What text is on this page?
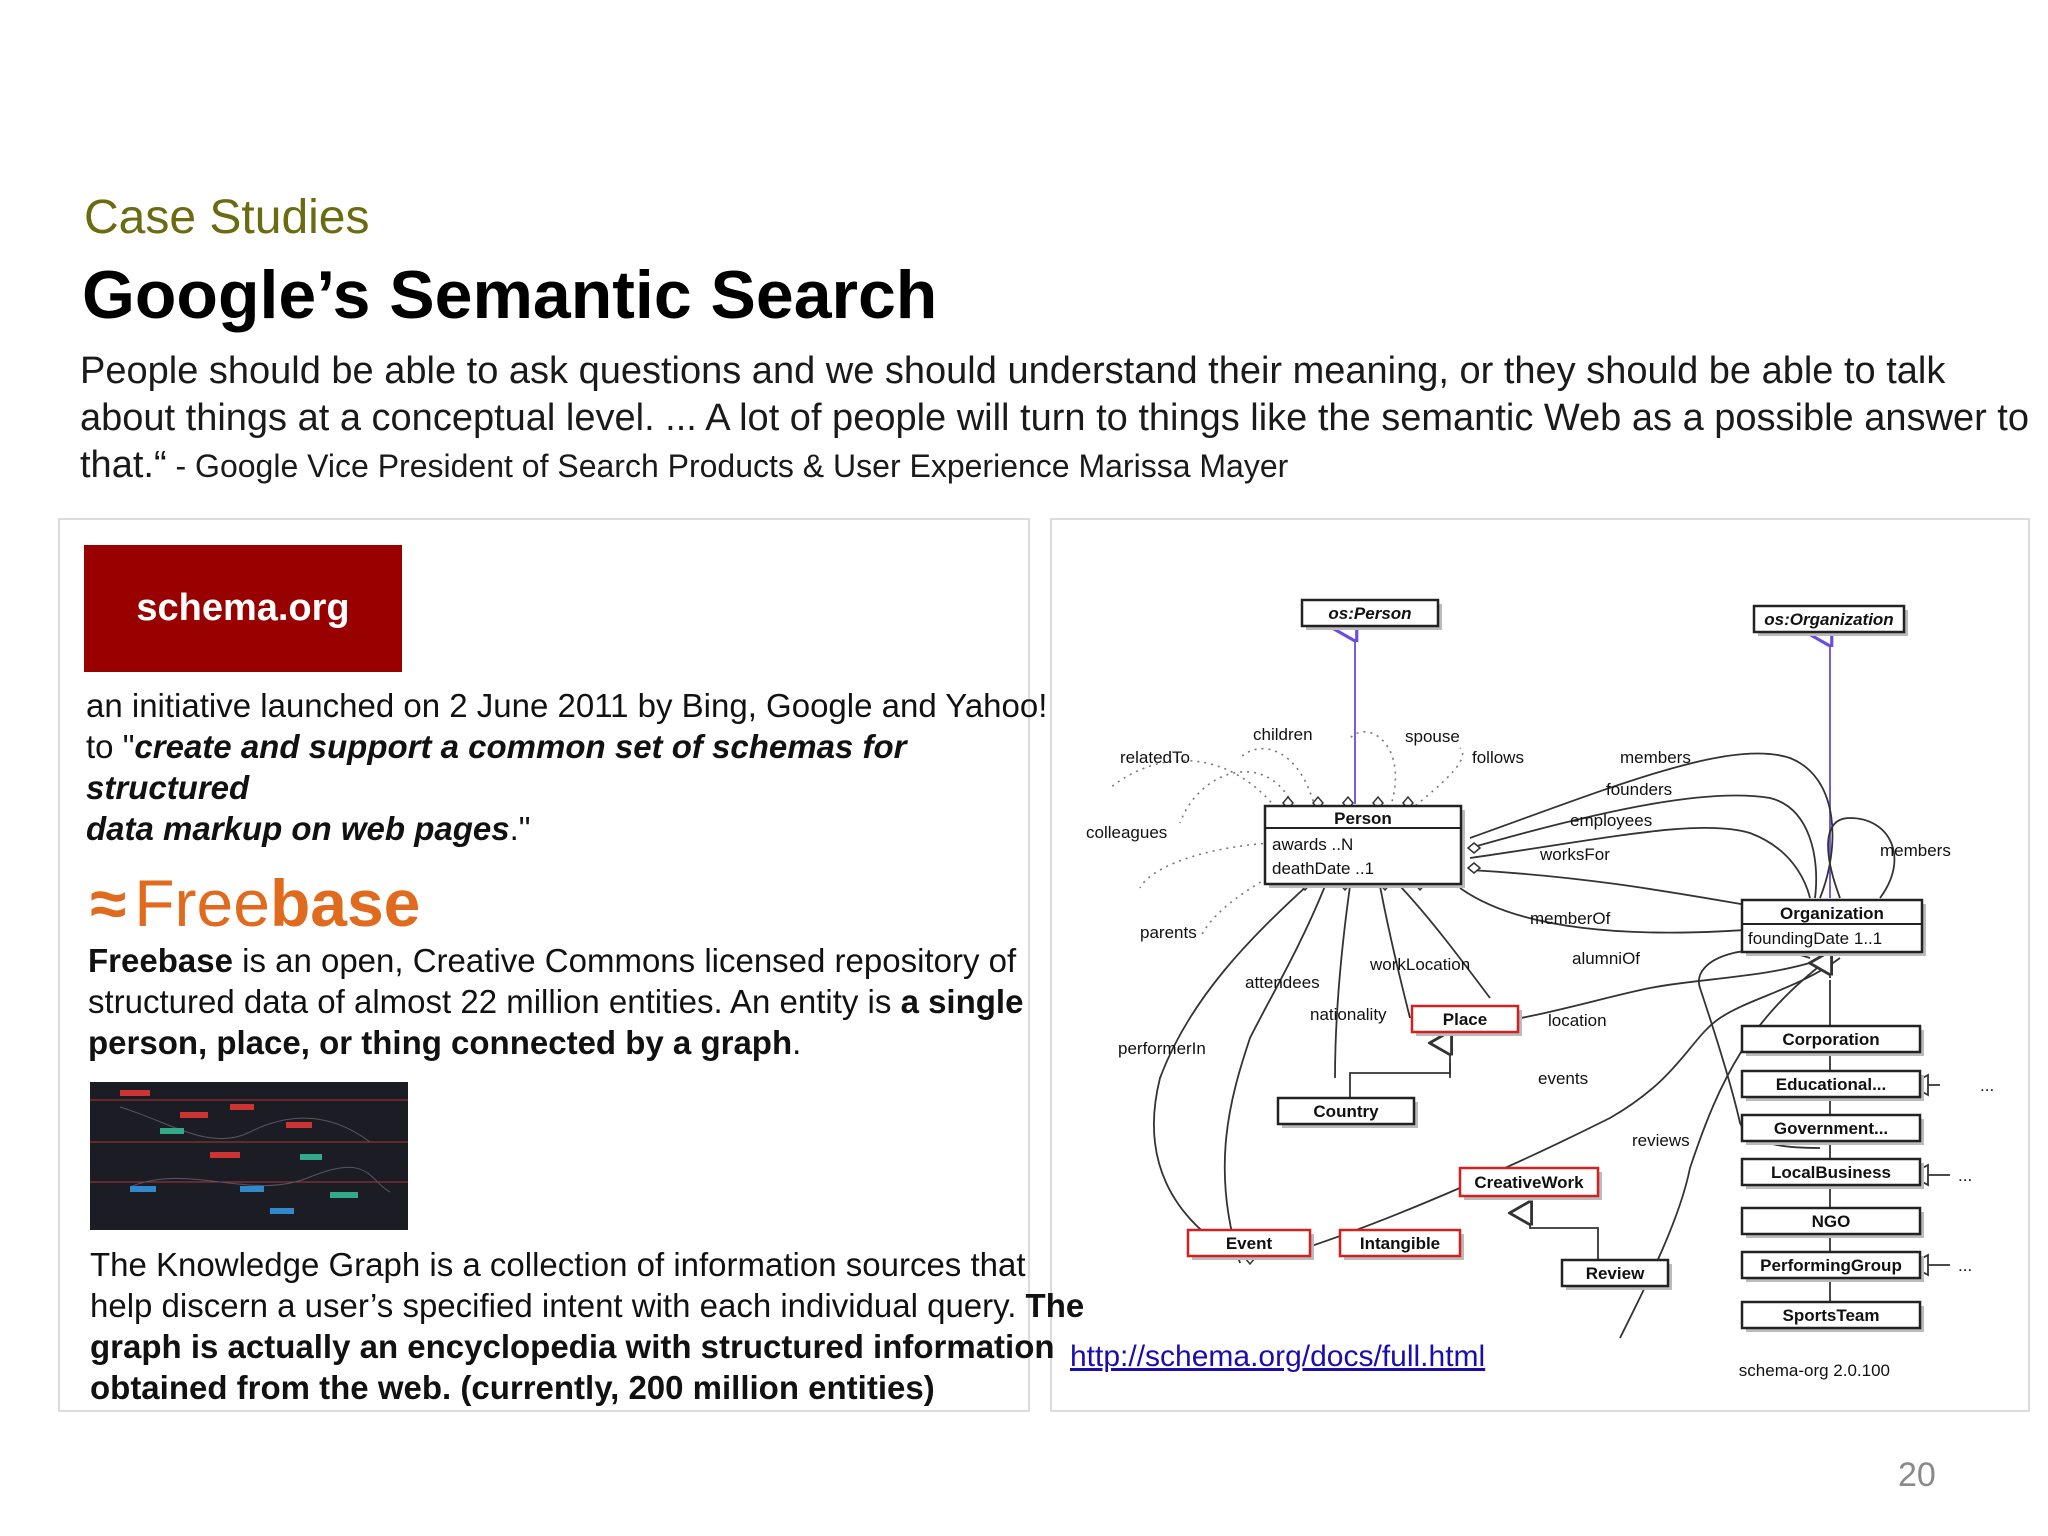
Case Studies
Google’s Semantic Search
People should be able to ask questions and we should understand their meaning, or they should be able to talk about things at a conceptual level. ... A lot of people will turn to things like the semantic Web as a possible answer to that.“ - Google Vice President of Search Products & User Experience Marissa Mayer
schema.org
an initiative launched on 2 June 2011 by Bing, Google and Yahoo!
to "create and support a common set of schemas for
structured
data markup on web pages."
≈ Freebase
Freebase is an open, Creative Commons licensed repository of structured data of almost 22 million entities. An entity is a single person, place, or thing connected by a graph.
The Knowledge Graph is a collection of information sources that help discern a user’s specified intent with each individual query. The graph is actually an encyclopedia with structured information obtained from the web. (currently, 200 million entities)
os:Person	os:Organization
Person
awards ..N
deathDate ..1
Organization
foundingDate 1..1
Place
Country
Event	Intangible
CreativeWork
Review
Corporation
Educational...
Government...
LocalBusiness
NGO
PerformingGroup
SportsTeam
...
...
...
relatedTo
children	spouse
follows
colleagues
parents
members
founders
employees
worksFor	members
memberOf
alumniOf
attendees
workLocation
nationality	location
performerIn
events
reviews
schema-org 2.0.100
http://schema.org/docs/full.html
20
